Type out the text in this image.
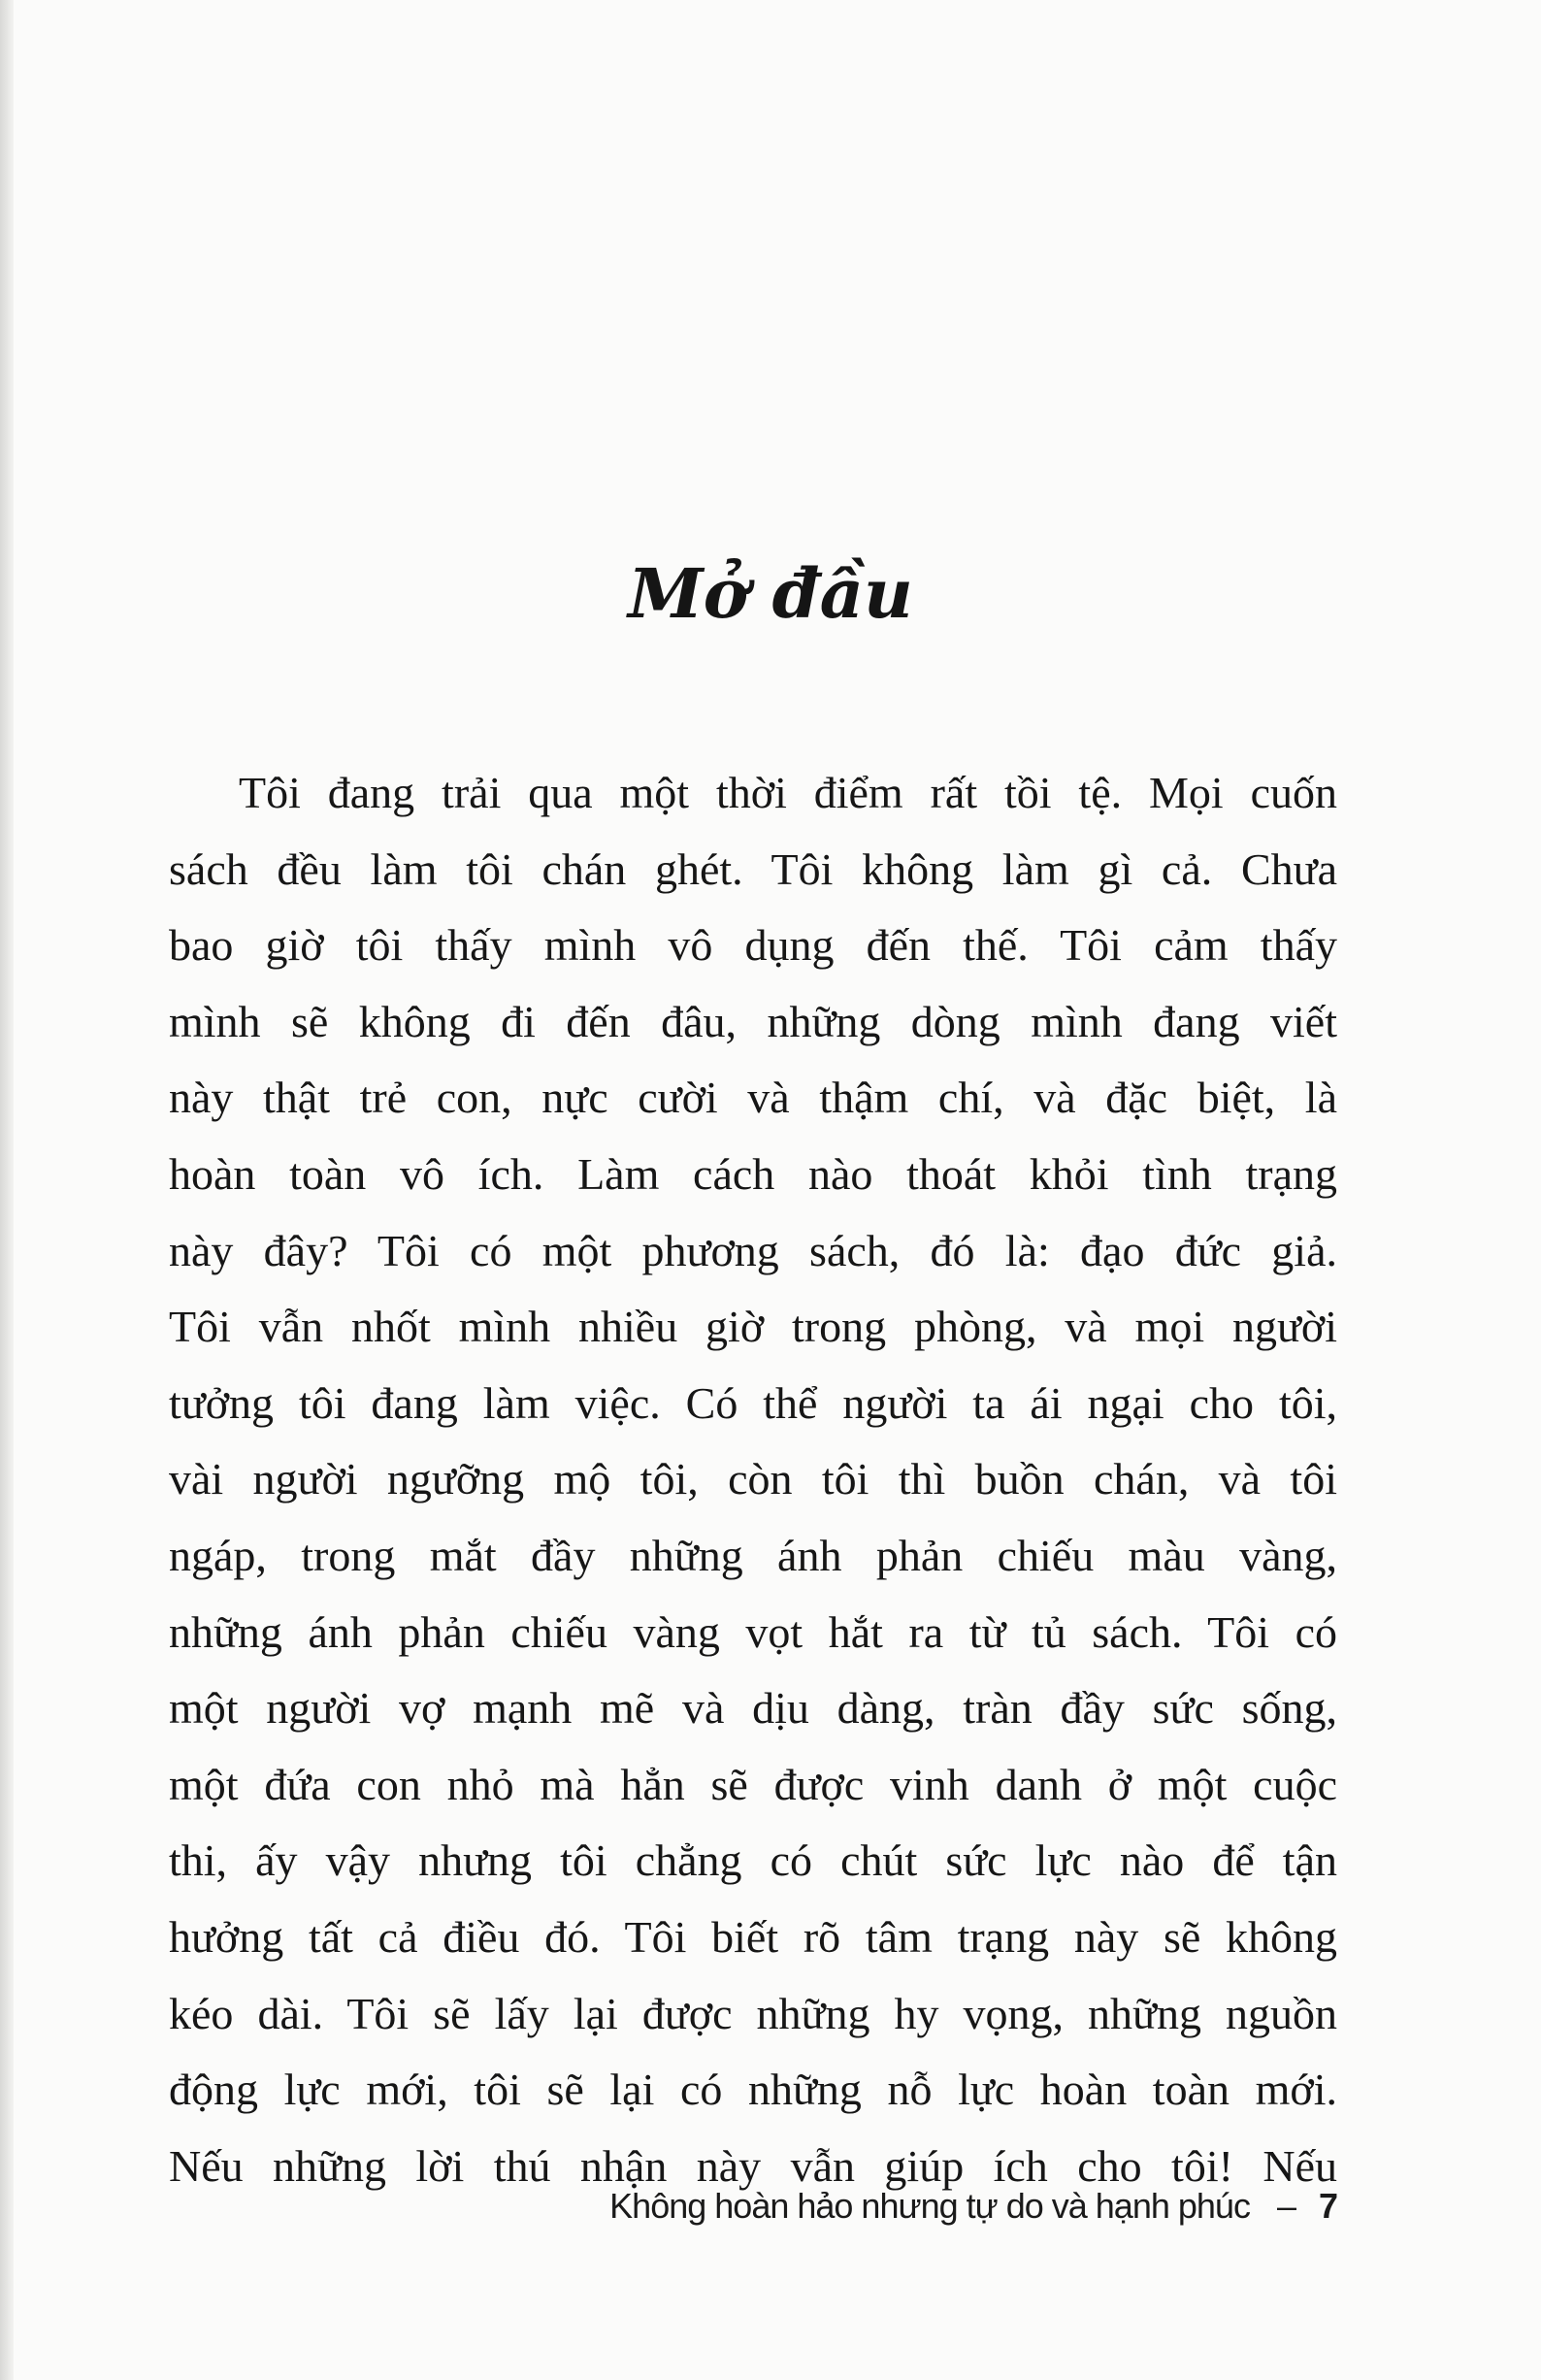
Mở đầu
Tôi đang trải qua một thời điểm rất tồi tệ. Mọi cuốn
sách đều làm tôi chán ghét. Tôi không làm gì cả. Chưa
bao giờ tôi thấy mình vô dụng đến thế. Tôi cảm thấy
mình sẽ không đi đến đâu, những dòng mình đang viết
này thật trẻ con, nực cười và thậm chí, và đặc biệt, là
hoàn toàn vô ích. Làm cách nào thoát khỏi tình trạng
này đây? Tôi có một phương sách, đó là: đạo đức giả.
Tôi vẫn nhốt mình nhiều giờ trong phòng, và mọi người
tưởng tôi đang làm việc. Có thể người ta ái ngại cho tôi,
vài người ngưỡng mộ tôi, còn tôi thì buồn chán, và tôi
ngáp, trong mắt đầy những ánh phản chiếu màu vàng,
những ánh phản chiếu vàng vọt hắt ra từ tủ sách. Tôi có
một người vợ mạnh mẽ và dịu dàng, tràn đầy sức sống,
một đứa con nhỏ mà hẳn sẽ được vinh danh ở một cuộc
thi, ấy vậy nhưng tôi chẳng có chút sức lực nào để tận
hưởng tất cả điều đó. Tôi biết rõ tâm trạng này sẽ không
kéo dài. Tôi sẽ lấy lại được những hy vọng, những nguồn
động lực mới, tôi sẽ lại có những nỗ lực hoàn toàn mới.
Nếu những lời thú nhận này vẫn giúp ích cho tôi! Nếu
Không hoàn hảo nhưng tự do và hạnh phúc – 7
